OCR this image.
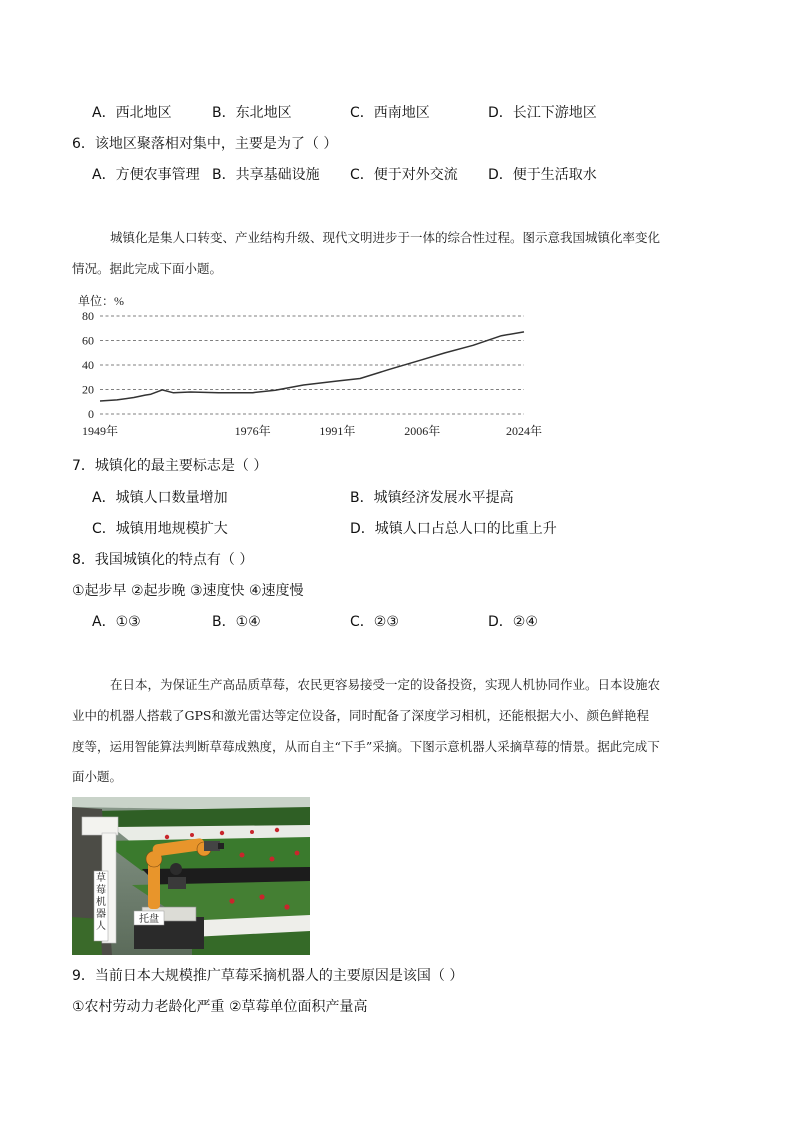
A．西北地区	B．东北地区	C．西南地区	D．长江下游地区
6．该地区聚落相对集中，主要是为了（ ）
A．方便农事管理 B．共享基础设施 C．便于对外交流 D．便于生活取水
城镇化是集人口转变、产业结构升级、现代文明进步于一体的综合性过程。图示意我国城镇化率变化
情况。据此完成下面小题。
单位：%
0
20
40
60
80
1949年	1976年	1991年	2006年	2024年
7．城镇化的最主要标志是（ ）
A．城镇人口数量增加	B．城镇经济发展水平提高
C．城镇用地规模扩大	D．城镇人口占总人口的比重上升
8．我国城镇化的特点有（ ）
①起步早 ②起步晚 ③速度快 ④速度慢
A．①③	B．①④	C．②③	D．②④
在日本，为保证生产高品质草莓，农民更容易接受一定的设备投资，实现人机协同作业。日本设施农
业中的机器人搭载了GPS和激光雷达等定位设备，同时配备了深度学习相机，还能根据大小、颜色鲜艳程
度等，运用智能算法判断草莓成熟度，从而自主“下手”采摘。下图示意机器人采摘草莓的情景。据此完成下
面小题。
草莓机器人
托盘
9．当前日本大规模推广草莓采摘机器人的主要原因是该国（ ）
①农村劳动力老龄化严重 ②草莓单位面积产量高
